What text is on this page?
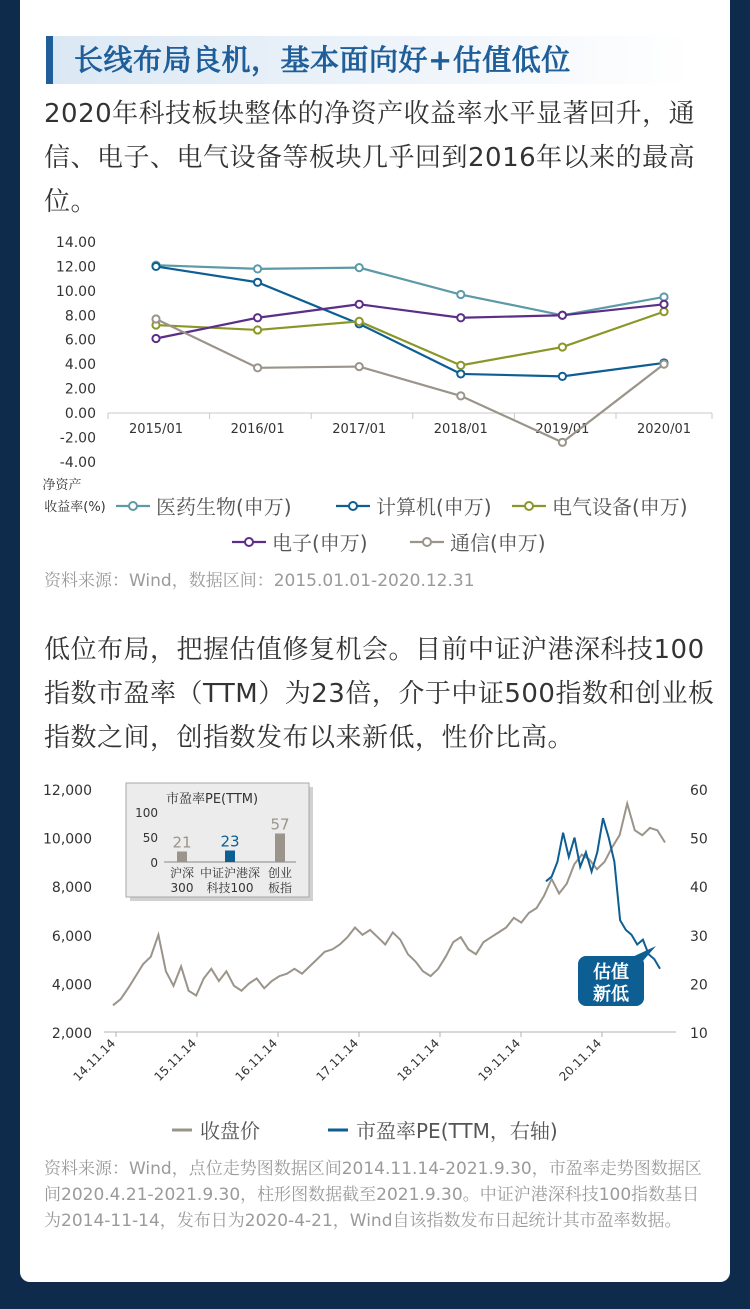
长线布局良机，基本面向好+估值低位

2020年科技板块整体的净资产收益率水平显著回升，通信、电子、电气设备等板块几乎回到2016年以来的最高位。

14.00
12.00
10.00
8.00
6.00
4.00
2.00
0.00
-2.00
-4.00
2015/01	2016/01	2017/01	2018/01	2019/01	2020/01
净资产
收益率(%)	医药生物(申万)	计算机(申万)	电气设备(申万)
电子(申万)	通信(申万)
资料来源：Wind，数据区间：2015.01.01-2020.12.31

低位布局，把握估值修复机会。目前中证沪港深科技100指数市盈率（TTM）为23倍，介于中证500指数和创业板指数之间，创指数发布以来新低，性价比高。

12,000
10,000
8,000
6,000
4,000
2,000
60
50
40
30
20
10
14.11.14	15.11.14	16.11.14	17.11.14	18.11.14	19.11.14	20.11.14
估值
新低
市盈率PE(TTM)
100
50
0
21 23
57
沪深
300
中证沪港深
科技100
创业
板指
收盘价	市盈率PE(TTM，右轴)
资料来源：Wind，点位走势图数据区间2014.11.14-2021.9.30，市盈率走势图数据区间2020.4.21-2021.9.30，柱形图数据截至2021.9.30。中证沪港深科技100指数基日为2014-11-14，发布日为2020-4-21，Wind自该指数发布日起统计其市盈率数据。
